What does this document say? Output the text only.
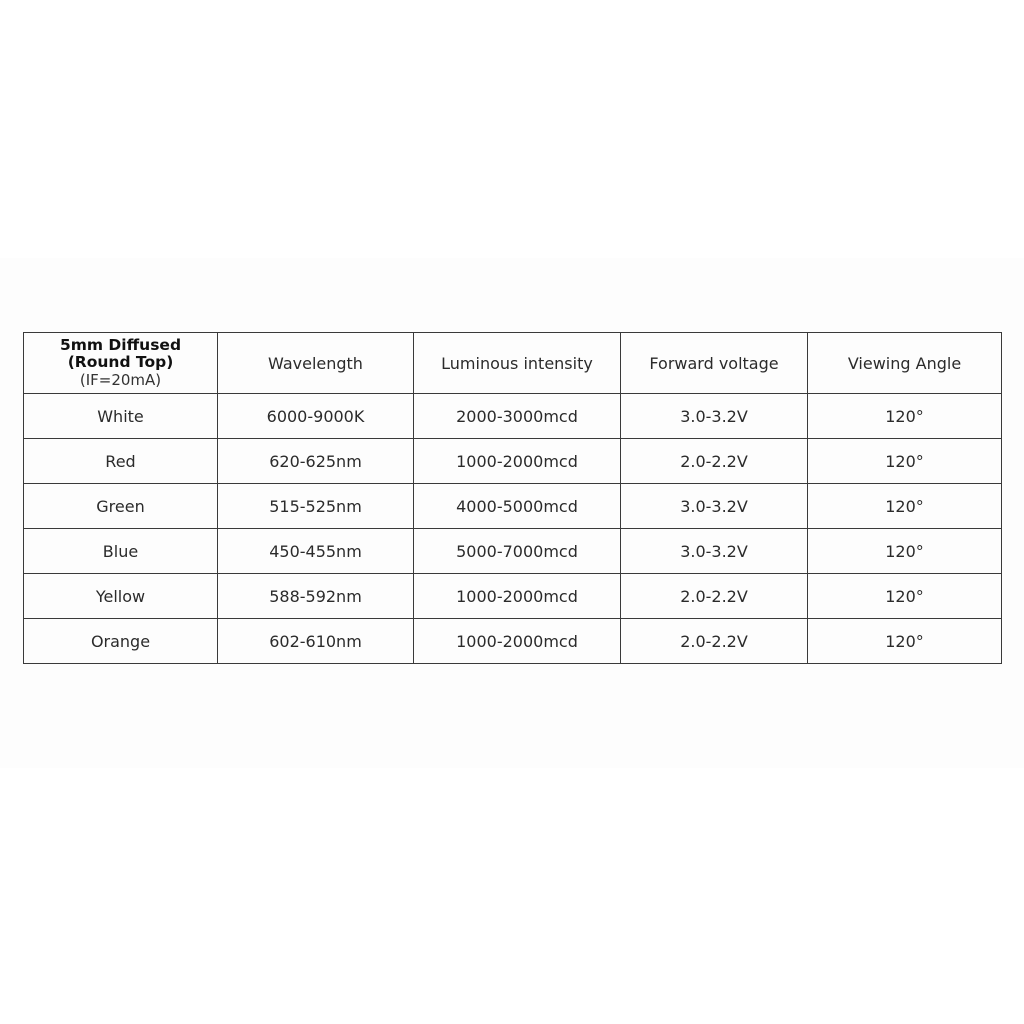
5mm Diffused
(Round Top)
(IF=20mA)	Wavelength	Luminous intensity	Forward voltage	Viewing Angle
White	6000-9000K	2000-3000mcd	3.0-3.2V	120°
Red	620-625nm	1000-2000mcd	2.0-2.2V	120°
Green	515-525nm	4000-5000mcd	3.0-3.2V	120°
Blue	450-455nm	5000-7000mcd	3.0-3.2V	120°
Yellow	588-592nm	1000-2000mcd	2.0-2.2V	120°
Orange	602-610nm	1000-2000mcd	2.0-2.2V	120°
